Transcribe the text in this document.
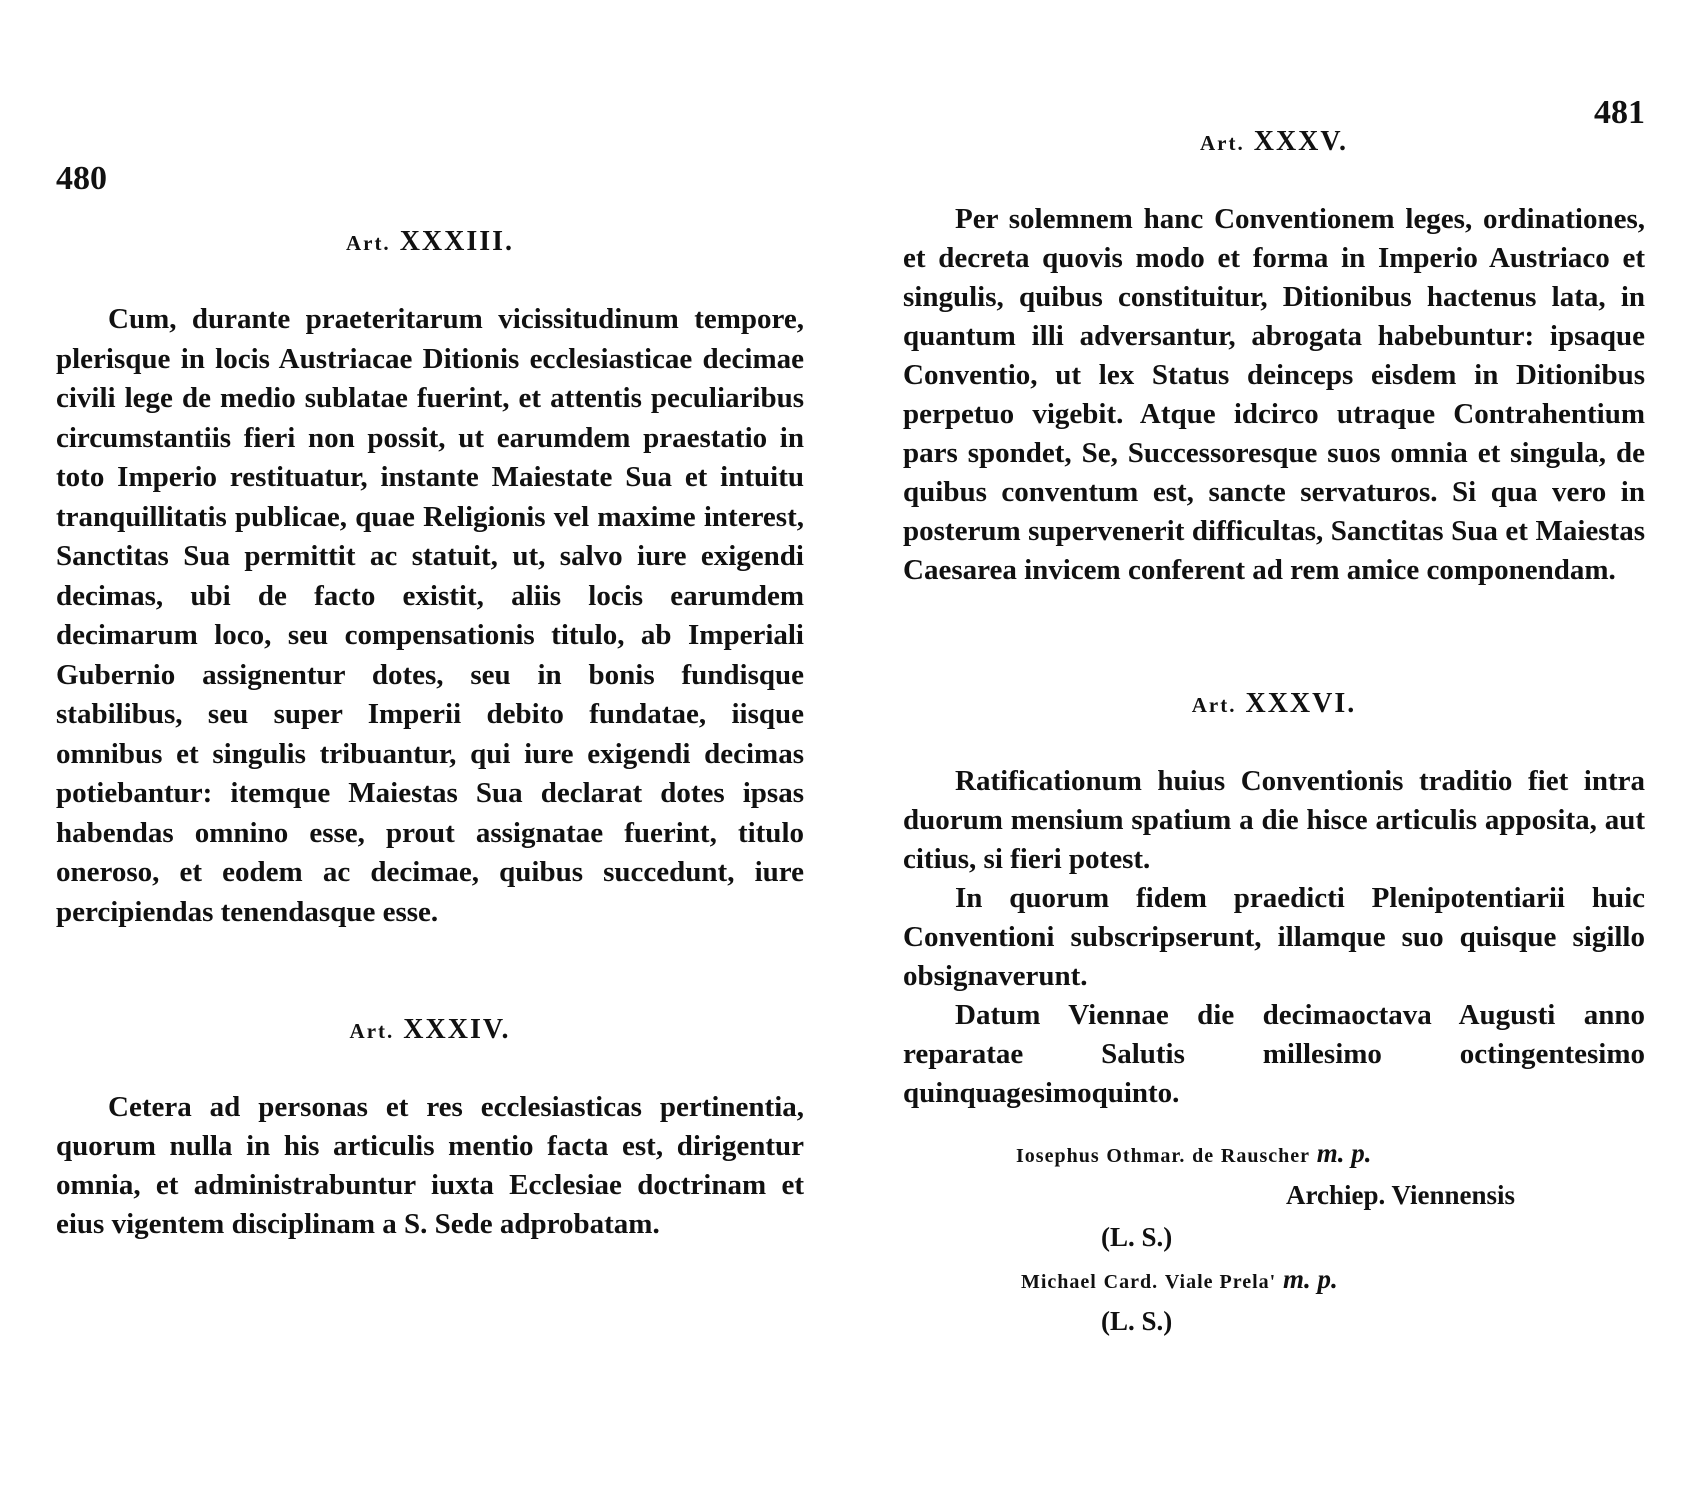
480
Art. XXXIII.

Cum, durante praeteritarum vicissitudinum tempore, plerisque in locis Austriacae Ditionis ecclesiasticae decimae civili lege de medio sublatae fuerint, et attentis peculiaribus circumstantiis fieri non possit, ut earumdem praestatio in toto Imperio restituatur, instante Maiestate Sua et intuitu tranquillitatis publicae, quae Religionis vel maxime interest, Sanctitas Sua permittit ac statuit, ut, salvo iure exigendi decimas, ubi de facto existit, aliis locis earumdem decimarum loco, seu compensationis titulo, ab Imperiali Gubernio assignentur dotes, seu in bonis fundisque stabilibus, seu super Imperii debito fundatae, iisque omnibus et singulis tribuantur, qui iure exigendi decimas potiebantur: itemque Maiestas Sua declarat dotes ipsas habendas omnino esse, prout assignatae fuerint, titulo oneroso, et eodem ac decimae, quibus succedunt, iure percipiendas tenendasque esse.

Art. XXXIV.

Cetera ad personas et res ecclesiasticas pertinentia, quorum nulla in his articulis mentio facta est, dirigentur omnia, et administrabuntur iuxta Ecclesiae doctrinam et eius vigentem disciplinam a S. Sede adprobatam.

481
Art. XXXV.

Per solemnem hanc Conventionem leges, ordinationes, et decreta quovis modo et forma in Imperio Austriaco et singulis, quibus constituitur, Ditionibus hactenus lata, in quantum illi adversantur, abrogata habebuntur: ipsaque Conventio, ut lex Status deinceps eisdem in Ditionibus perpetuo vigebit. Atque idcirco utraque Contrahentium pars spondet, Se, Successoresque suos omnia et singula, de quibus conventum est, sancte servaturos. Si qua vero in posterum supervenerit difficultas, Sanctitas Sua et Maiestas Caesarea invicem conferent ad rem amice componendam.

Art. XXXVI.

Ratificationum huius Conventionis traditio fiet intra duorum mensium spatium a die hisce articulis apposita, aut citius, si fieri potest.

In quorum fidem praedicti Plenipotentiarii huic Conventioni subscripserunt, illamque suo quisque sigillo obsignaverunt.

Datum Viennae die decimaoctava Augusti anno reparatae Salutis millesimo octingentesimo quinquagesimoquinto.

Iosephus Othmar. de Rauscher m. p.
Archiep. Viennensis
(L. S.)
Michael Card. Viale Prela' m. p.
(L. S.)
